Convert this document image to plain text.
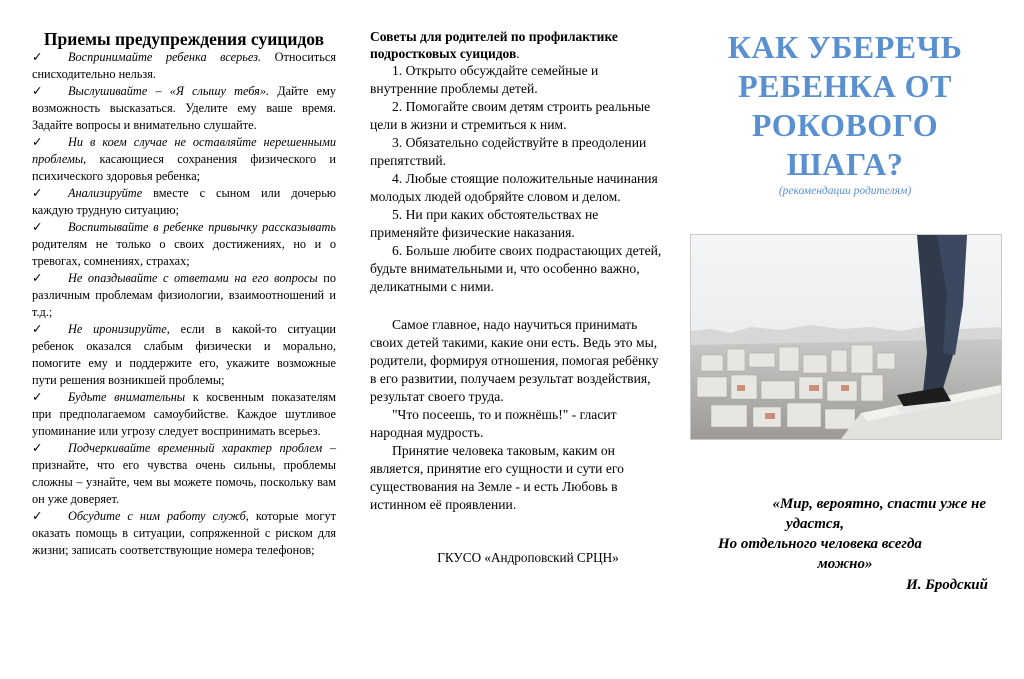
Приемы предупреждения суицидов

✓ Воспринимайте ребенка всерьез. Относиться снисходительно нельзя.

✓ Выслушивайте – «Я слышу тебя». Дайте ему возможность высказаться. Уделите ему ваше время. Задайте вопросы и внимательно слушайте.

✓ Ни в коем случае не оставляйте нерешенными проблемы, касающиеся сохранения физического и психического здоровья ребенка;

✓ Анализируйте вместе с сыном или дочерью каждую трудную ситуацию;

✓ Воспитывайте в ребенке привычку рассказывать родителям не только о своих достижениях, но и о тревогах, сомнениях, страхах;

✓ Не опаздывайте с ответами на его вопросы по различным проблемам физиологии, взаимоотношений и т.д.;

✓ Не иронизируйте, если в какой-то ситуации ребенок оказался слабым физически и морально, помогите ему и поддержите его, укажите возможные пути решения возникшей проблемы;

✓ Будьте внимательны к косвенным показателям при предполагаемом самоубийстве. Каждое шутливое упоминание или угрозу следует воспринимать всерьез.

✓ Подчеркивайте временный характер проблем – признайте, что его чувства очень сильны, проблемы сложны – узнайте, чем вы можете помочь, поскольку вам он уже доверяет.

✓ Обсудите с ним работу служб, которые могут оказать помощь в ситуации, сопряженной с риском для жизни; записать соответствующие номера телефонов;

Советы для родителей по профилактике подростковых суицидов.

1. Открыто обсуждайте семейные и внутренние проблемы детей.

2. Помогайте своим детям строить реальные цели в жизни и стремиться к ним.

3. Обязательно содействуйте в преодолении препятствий.

4. Любые стоящие положительные начинания молодых людей одобряйте словом и делом.

5. Ни при каких обстоятельствах не применяйте физические наказания.

6. Больше любите своих подрастающих детей, будьте внимательными и, что особенно важно, деликатными с ними.

Самое главное, надо научиться принимать своих детей такими, какие они есть. Ведь это мы, родители, формируя отношения, помогая ребёнку в его развитии, получаем результат воздействия, результат своего труда.

"Что посеешь, то и пожнёшь!" - гласит народная мудрость.

Принятие человека таковым, каким он является, принятие его сущности и сути его существования на Земле - и есть Любовь в истинном её проявлении.

ГКУСО «Андроповский СРЦН»

КАК УБЕРЕЧЬ
РЕБЕНКА ОТ
РОКОВОГО
ШАГА?

(рекомендации родителям)

«Мир, вероятно, спасти уже не
удастся,
Но отдельного человека всегда
можно»
И. Бродский
